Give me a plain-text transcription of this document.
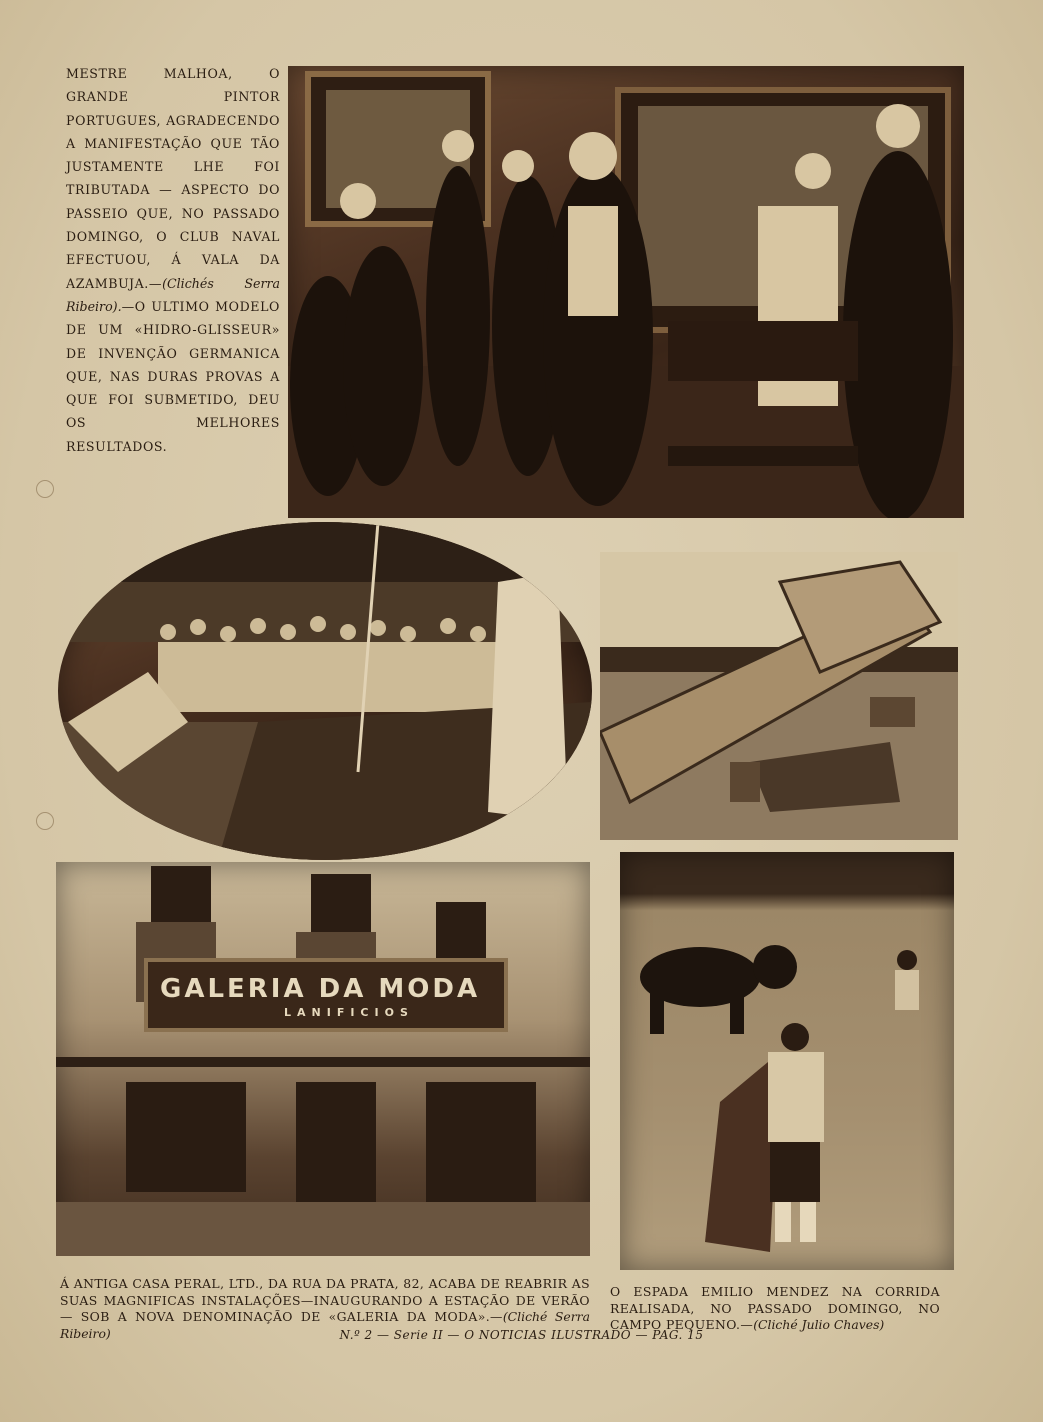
MESTRE MALHOA, O GRANDE PINTOR PORTUGUES, AGRADECENDO A MANIFESTAÇÃO QUE TÃO JUSTAMENTE LHE FOI TRIBUTADA — ASPECTO DO PASSEIO QUE, NO PASSADO DOMINGO, O CLUB NAVAL EFECTUOU, Á VALA DA AZAMBUJA.—(Clichés Serra Ribeiro).—O ULTIMO MODELO DE UM «HIDRO-GLISSEUR» DE INVENÇÃO GERMANICA QUE, NAS DURAS PROVAS A QUE FOI SUBMETIDO, DEU OS MELHORES RESULTADOS.
GALERIA DA MODA
LANIFICIOS
Á ANTIGA CASA PERAL, LTD., DA RUA DA PRATA, 82, ACABA DE REABRIR AS SUAS MAGNIFICAS INSTALAÇÕES—INAUGURANDO A ESTAÇÃO DE VERÃO— SOB A NOVA DENOMINAÇÃO DE «GALERIA DA MODA».—(Cliché Serra Ribeiro)
O ESPADA EMILIO MENDEZ NA CORRIDA REALISADA, NO PASSADO DOMINGO, NO CAMPO PEQUENO.—(Cliché Julio Chaves)
N.º 2 — Serie II — O NOTICIAS ILUSTRADO — PAG. 15
